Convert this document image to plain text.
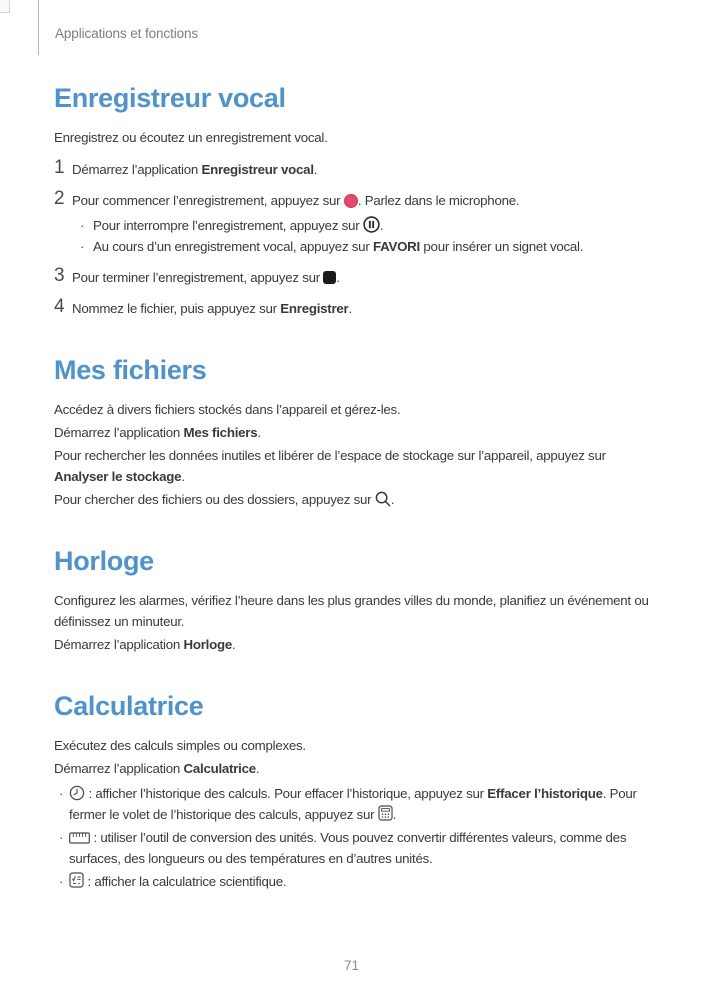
Applications et fonctions
Enregistreur vocal

Enregistrez ou écoutez un enregistrement vocal.

1 Démarrez l’application Enregistreur vocal.
2 Pour commencer l’enregistrement, appuyez sur . Parlez dans le microphone.
· Pour interrompre l’enregistrement, appuyez sur .
· Au cours d’un enregistrement vocal, appuyez sur FAVORI pour insérer un signet vocal.
3 Pour terminer l’enregistrement, appuyez sur .
4 Nommez le fichier, puis appuyez sur Enregistrer.
Mes fichiers

Accédez à divers fichiers stockés dans l’appareil et gérez-les.

Démarrez l’application Mes fichiers.

Pour rechercher les données inutiles et libérer de l’espace de stockage sur l’appareil, appuyez sur Analyser le stockage.

Pour chercher des fichiers ou des dossiers, appuyez sur .

Horloge

Configurez les alarmes, vérifiez l’heure dans les plus grandes villes du monde, planifiez un événement ou définissez un minuteur.

Démarrez l’application Horloge.

Calculatrice

Exécutez des calculs simples ou complexes.

Démarrez l’application Calculatrice.

·	: afficher l’historique des calculs. Pour effacer l’historique, appuyez sur Effacer l’historique. Pour fermer le volet de l’historique des calculs, appuyez sur .
·	: utiliser l’outil de conversion des unités. Vous pouvez convertir différentes valeurs, comme des surfaces, des longueurs ou des températures en d’autres unités.
·	: afficher la calculatrice scientifique.
71
